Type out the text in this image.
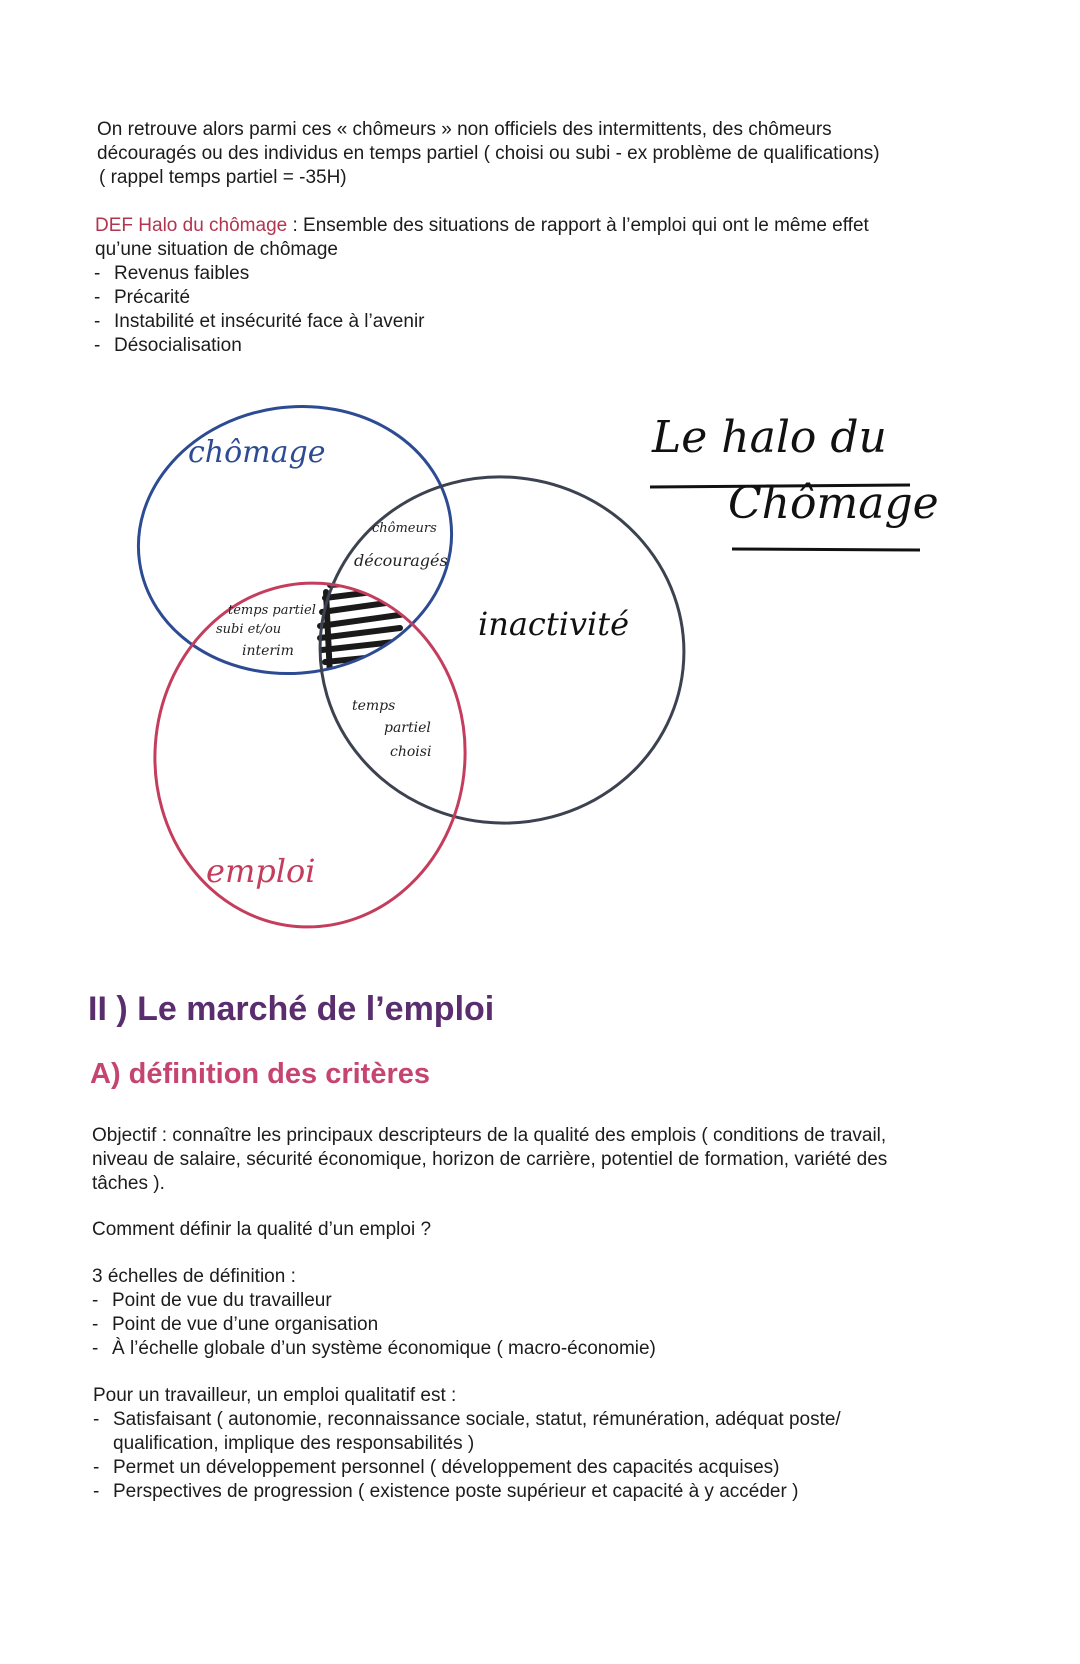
On retrouve alors parmi ces « chômeurs » non officiels des intermittents, des chômeurs
découragés ou des individus en temps partiel ( choisi ou subi - ex problème de qualifications)
( rappel temps partiel = -35H)
DEF Halo du chômage : Ensemble des situations de rapport à l’emploi qui ont le même effet
qu’une situation de chômage
- Revenus faibles
- Précarité
- Instabilité et insécurité face à l’avenir
- Désocialisation
chômage
inactivité
emploi
chômeurs
découragés
temps partiel
subi et/ou
interim
temps
partiel
choisi
Le halo du
Chômage
II ) Le marché de l’emploi
A) définition des critères
Objectif : connaître les principaux descripteurs de la qualité des emplois ( conditions de travail,
niveau de salaire, sécurité économique, horizon de carrière, potentiel de formation, variété des
tâches ).
Comment définir la qualité d’un emploi ?
3 échelles de définition :
- Point de vue du travailleur
- Point de vue d’une organisation
- À l’échelle globale d’un système économique ( macro-économie)
Pour un travailleur, un emploi qualitatif est :
- Satisfaisant ( autonomie, reconnaissance sociale, statut, rémunération, adéquat poste/
qualification, implique des responsabilités )
- Permet un développement personnel ( développement des capacités acquises)
- Perspectives de progression ( existence poste supérieur et capacité à y accéder )
